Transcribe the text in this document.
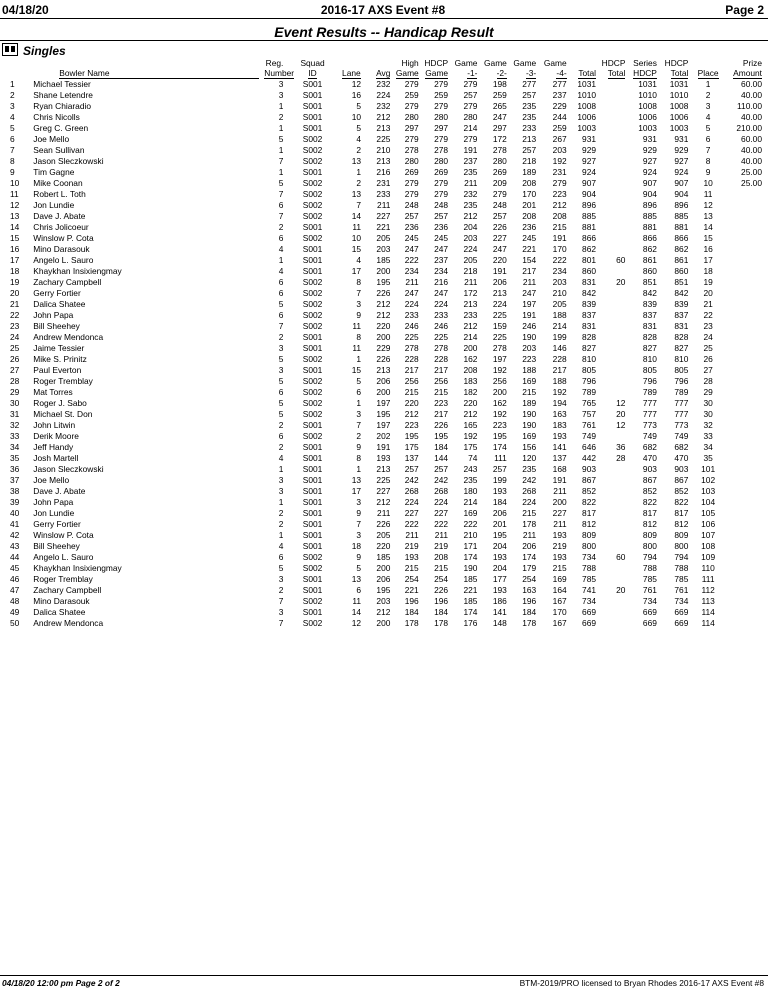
04/18/20	2016-17 AXS Event #8	Page 2
Event Results -- Handicap Result
Singles
		Reg.	Squad			High	HDCP	Game	Game	Game	Game		HDCP	Series	HDCP		Prize
	Bowler Name	Number	ID	Lane	Avg	Game	Game	-1-	-2-	-3-	-4-	Total	Total	HDCP	Total	Place	Amount
1	Michael Tessier	3	S001	12	232	279	279	279	198	277	277	1031		1031	1031	1	60.00
2	Shane Letendre	3	S001	16	224	259	259	257	259	257	237	1010		1010	1010	2	40.00
3	Ryan Chiaradio	1	S001	5	232	279	279	279	265	235	229	1008		1008	1008	3	110.00
4	Chris Nicolls	2	S001	10	212	280	280	280	247	235	244	1006		1006	1006	4	40.00
5	Greg C. Green	1	S001	5	213	297	297	214	297	233	259	1003		1003	1003	5	210.00
6	Joe Mello	5	S002	4	225	279	279	279	172	213	267	931		931	931	6	60.00
7	Sean Sullivan	1	S002	2	210	278	278	191	278	257	203	929		929	929	7	40.00
8	Jason Sleczkowski	7	S002	13	213	280	280	237	280	218	192	927		927	927	8	40.00
9	Tim Gagne	1	S001	1	216	269	269	235	269	189	231	924		924	924	9	25.00
10	Mike Coonan	5	S002	2	231	279	279	211	209	208	279	907		907	907	10	25.00
11	Robert L. Toth	7	S002	13	233	279	279	232	279	170	223	904		904	904	11	
12	Jon Lundie	6	S002	7	211	248	248	235	248	201	212	896		896	896	12	
13	Dave J. Abate	7	S002	14	227	257	257	212	257	208	208	885		885	885	13	
14	Chris Jolicoeur	2	S001	11	221	236	236	204	226	236	215	881		881	881	14	
15	Winslow P. Cota	6	S002	10	205	245	245	203	227	245	191	866		866	866	15	
16	Mino Darasouk	4	S001	15	203	247	247	224	247	221	170	862		862	862	16	
17	Angelo L. Sauro	1	S001	4	185	222	237	205	220	154	222	801	60	861	861	17	
18	Khaykhan Insixiengmay	4	S001	17	200	234	234	218	191	217	234	860		860	860	18	
19	Zachary Campbell	6	S002	8	195	211	216	211	206	211	203	831	20	851	851	19	
20	Gerry Fortier	6	S002	7	226	247	247	172	213	247	210	842		842	842	20	
21	Dalica Shatee	5	S002	3	212	224	224	213	224	197	205	839		839	839	21	
22	John Papa	6	S002	9	212	233	233	233	225	191	188	837		837	837	22	
23	Bill Sheehey	7	S002	11	220	246	246	212	159	246	214	831		831	831	23	
24	Andrew Mendonca	2	S001	8	200	225	225	214	225	190	199	828		828	828	24	
25	Jaime Tessier	3	S001	11	229	278	278	200	278	203	146	827		827	827	25	
26	Mike S. Prinitz	5	S002	1	226	228	228	162	197	223	228	810		810	810	26	
27	Paul Everton	3	S001	15	213	217	217	208	192	188	217	805		805	805	27	
28	Roger Tremblay	5	S002	5	206	256	256	183	256	169	188	796		796	796	28	
29	Mat Torres	6	S002	6	200	215	215	182	200	215	192	789		789	789	29	
30	Roger J. Sabo	5	S002	1	197	220	223	220	162	189	194	765	12	777	777	30	
31	Michael St. Don	5	S002	3	195	212	217	212	192	190	163	757	20	777	777	30	
32	John Litwin	2	S001	7	197	223	226	165	223	190	183	761	12	773	773	32	
33	Derik Moore	6	S002	2	202	195	195	192	195	169	193	749		749	749	33	
34	Jeff Handy	2	S001	9	191	175	184	175	174	156	141	646	36	682	682	34	
35	Josh Martell	4	S001	8	193	137	144	74	111	120	137	442	28	470	470	35	
36	Jason Sleczkowski	1	S001	1	213	257	257	243	257	235	168	903		903	903	101	
37	Joe Mello	3	S001	13	225	242	242	235	199	242	191	867		867	867	102	
38	Dave J. Abate	3	S001	17	227	268	268	180	193	268	211	852		852	852	103	
39	John Papa	1	S001	3	212	224	224	214	184	224	200	822		822	822	104	
40	Jon Lundie	2	S001	9	211	227	227	169	206	215	227	817		817	817	105	
41	Gerry Fortier	2	S001	7	226	222	222	222	201	178	211	812		812	812	106	
42	Winslow P. Cota	1	S001	3	205	211	211	210	195	211	193	809		809	809	107	
43	Bill Sheehey	4	S001	18	220	219	219	171	204	206	219	800		800	800	108	
44	Angelo L. Sauro	6	S002	9	185	193	208	174	193	174	193	734	60	794	794	109	
45	Khaykhan Insixiengmay	5	S002	5	200	215	215	190	204	179	215	788		788	788	110	
46	Roger Tremblay	3	S001	13	206	254	254	185	177	254	169	785		785	785	111	
47	Zachary Campbell	2	S001	6	195	221	226	221	193	163	164	741	20	761	761	112	
48	Mino Darasouk	7	S002	11	203	196	196	185	186	196	167	734		734	734	113	
49	Dalica Shatee	3	S001	14	212	184	184	174	141	184	170	669		669	669	114	
50	Andrew Mendonca	7	S002	12	200	178	178	176	148	178	167	669		669	669	114	
04/18/20 12:00 pm Page 2 of 2	BTM-2019/PRO licensed to Bryan Rhodes 2016-17 AXS Event #8
